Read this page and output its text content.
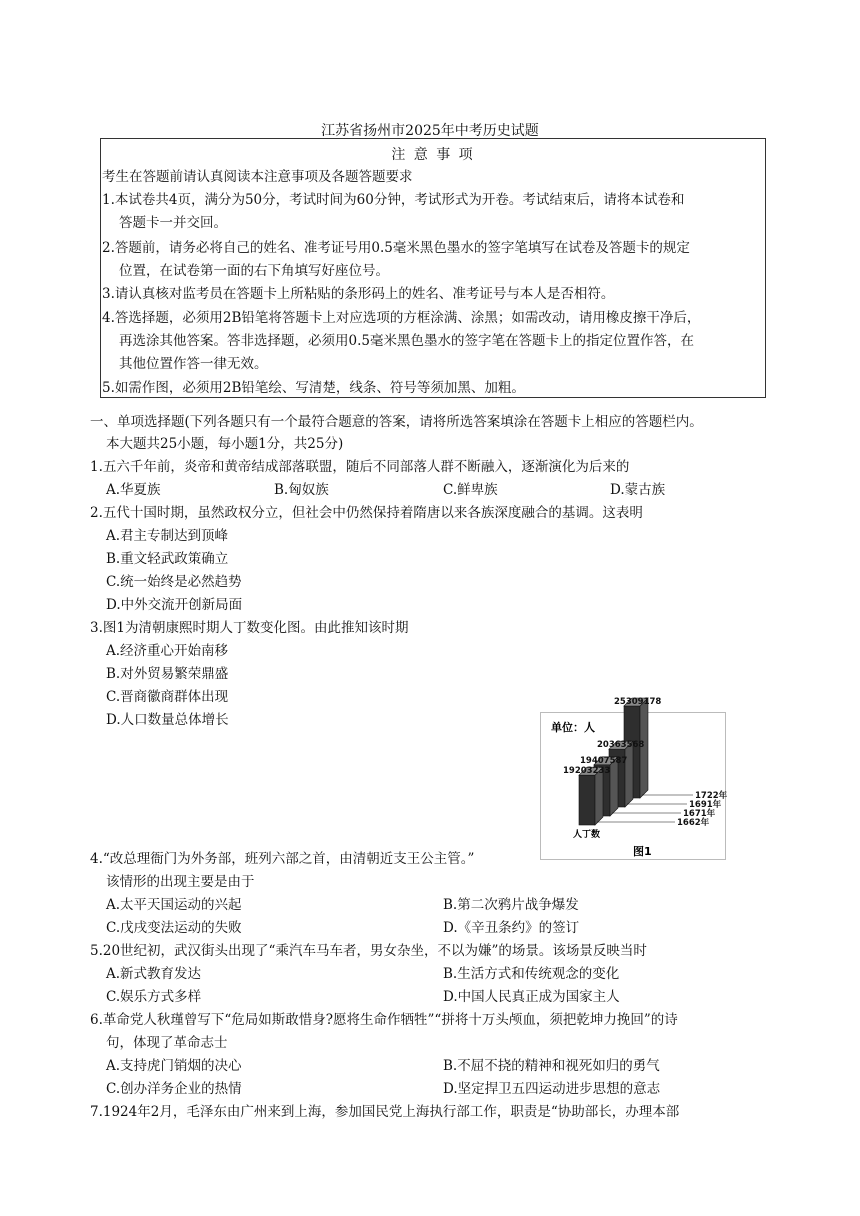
江苏省扬州市2025年中考历史试题
注 意 事 项
考生在答题前请认真阅读本注意事项及各题答题要求
1.本试卷共4页，满分为50分，考试时间为60分钟，考试形式为开卷。考试结束后，请将本试卷和
答题卡一并交回。
2.答题前，请务必将自己的姓名、准考证号用0.5毫米黑色墨水的签字笔填写在试卷及答题卡的规定
位置，在试卷第一面的右下角填写好座位号。
3.请认真核对监考员在答题卡上所粘贴的条形码上的姓名、准考证号与本人是否相符。
4.答选择题，必须用2B铅笔将答题卡上对应选项的方框涂满、涂黑；如需改动，请用橡皮擦干净后，
再选涂其他答案。答非选择题，必须用0.5毫米黑色墨水的签字笔在答题卡上的指定位置作答，在
其他位置作答一律无效。
5.如需作图，必须用2B铅笔绘、写清楚，线条、符号等须加黑、加粗。
一、单项选择题(下列各题只有一个最符合题意的答案，请将所选答案填涂在答题卡上相应的答题栏内。
本大题共25小题，每小题1分，共25分)
1.五六千年前，炎帝和黄帝结成部落联盟，随后不同部落人群不断融入，逐渐演化为后来的
A.华夏族	B.匈奴族	C.鲜卑族	D.蒙古族
2.五代十国时期，虽然政权分立，但社会中仍然保持着隋唐以来各族深度融合的基调。这表明
A.君主专制达到顶峰
B.重文轻武政策确立
C.统一始终是必然趋势
D.中外交流开创新局面
3.图1为清朝康熙时期人丁数变化图。由此推知该时期
A.经济重心开始南移
B.对外贸易繁荣鼎盛
C.晋商徽商群体出现
D.人口数量总体增长	单位：人
25309178
1722年
20363568
1691年
19407587
1671年
19203233
1662年
人丁数
图1
4.“改总理衙门为外务部，班列六部之首，由清朝近支王公主管。”
该情形的出现主要是由于
A.太平天国运动的兴起	B.第二次鸦片战争爆发
C.戊戌变法运动的失败	D.《辛丑条约》的签订
5.20世纪初，武汉街头出现了“乘汽车马车者，男女杂坐，不以为嫌”的场景。该场景反映当时
A.新式教育发达	B.生活方式和传统观念的变化
C.娱乐方式多样	D.中国人民真正成为国家主人
6.革命党人秋瑾曾写下“危局如斯敢惜身?愿将生命作牺牲”“拼将十万头颅血，须把乾坤力挽回”的诗
句，体现了革命志士
A.支持虎门销烟的决心	B.不屈不挠的精神和视死如归的勇气
C.创办洋务企业的热情	D.坚定捍卫五四运动进步思想的意志
7.1924年2月，毛泽东由广州来到上海，参加国民党上海执行部工作，职责是“协助部长，办理本部
